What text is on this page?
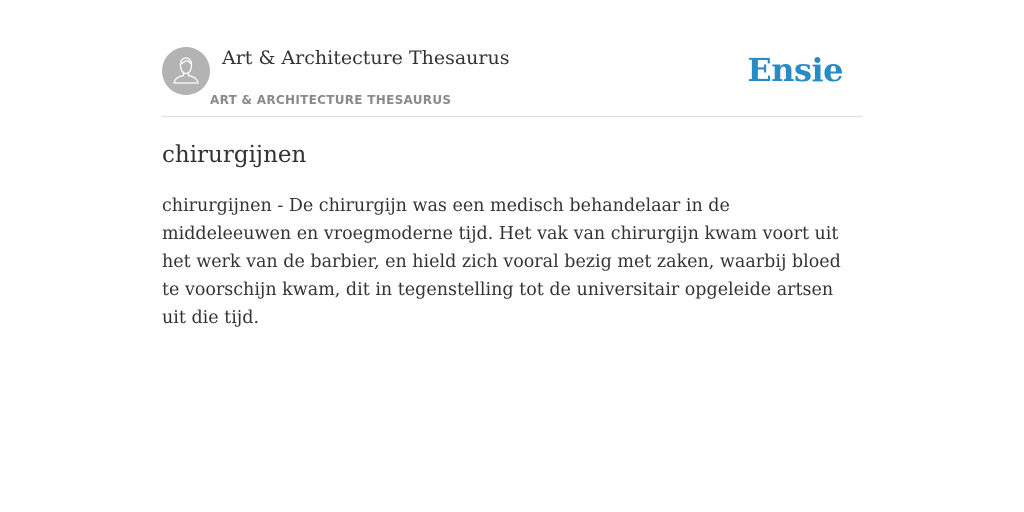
Art & Architecture Thesaurus
ART & ARCHITECTURE THESAURUS
Ensie
chirurgijnen

chirurgijnen - De chirurgijn was een medisch behandelaar in de middeleeuwen en vroegmoderne tijd. Het vak van chirurgijn kwam voort uit het werk van de barbier, en hield zich vooral bezig met zaken, waarbij bloed te voorschijn kwam, dit in tegenstelling tot de universitair opgeleide artsen uit die tijd.
